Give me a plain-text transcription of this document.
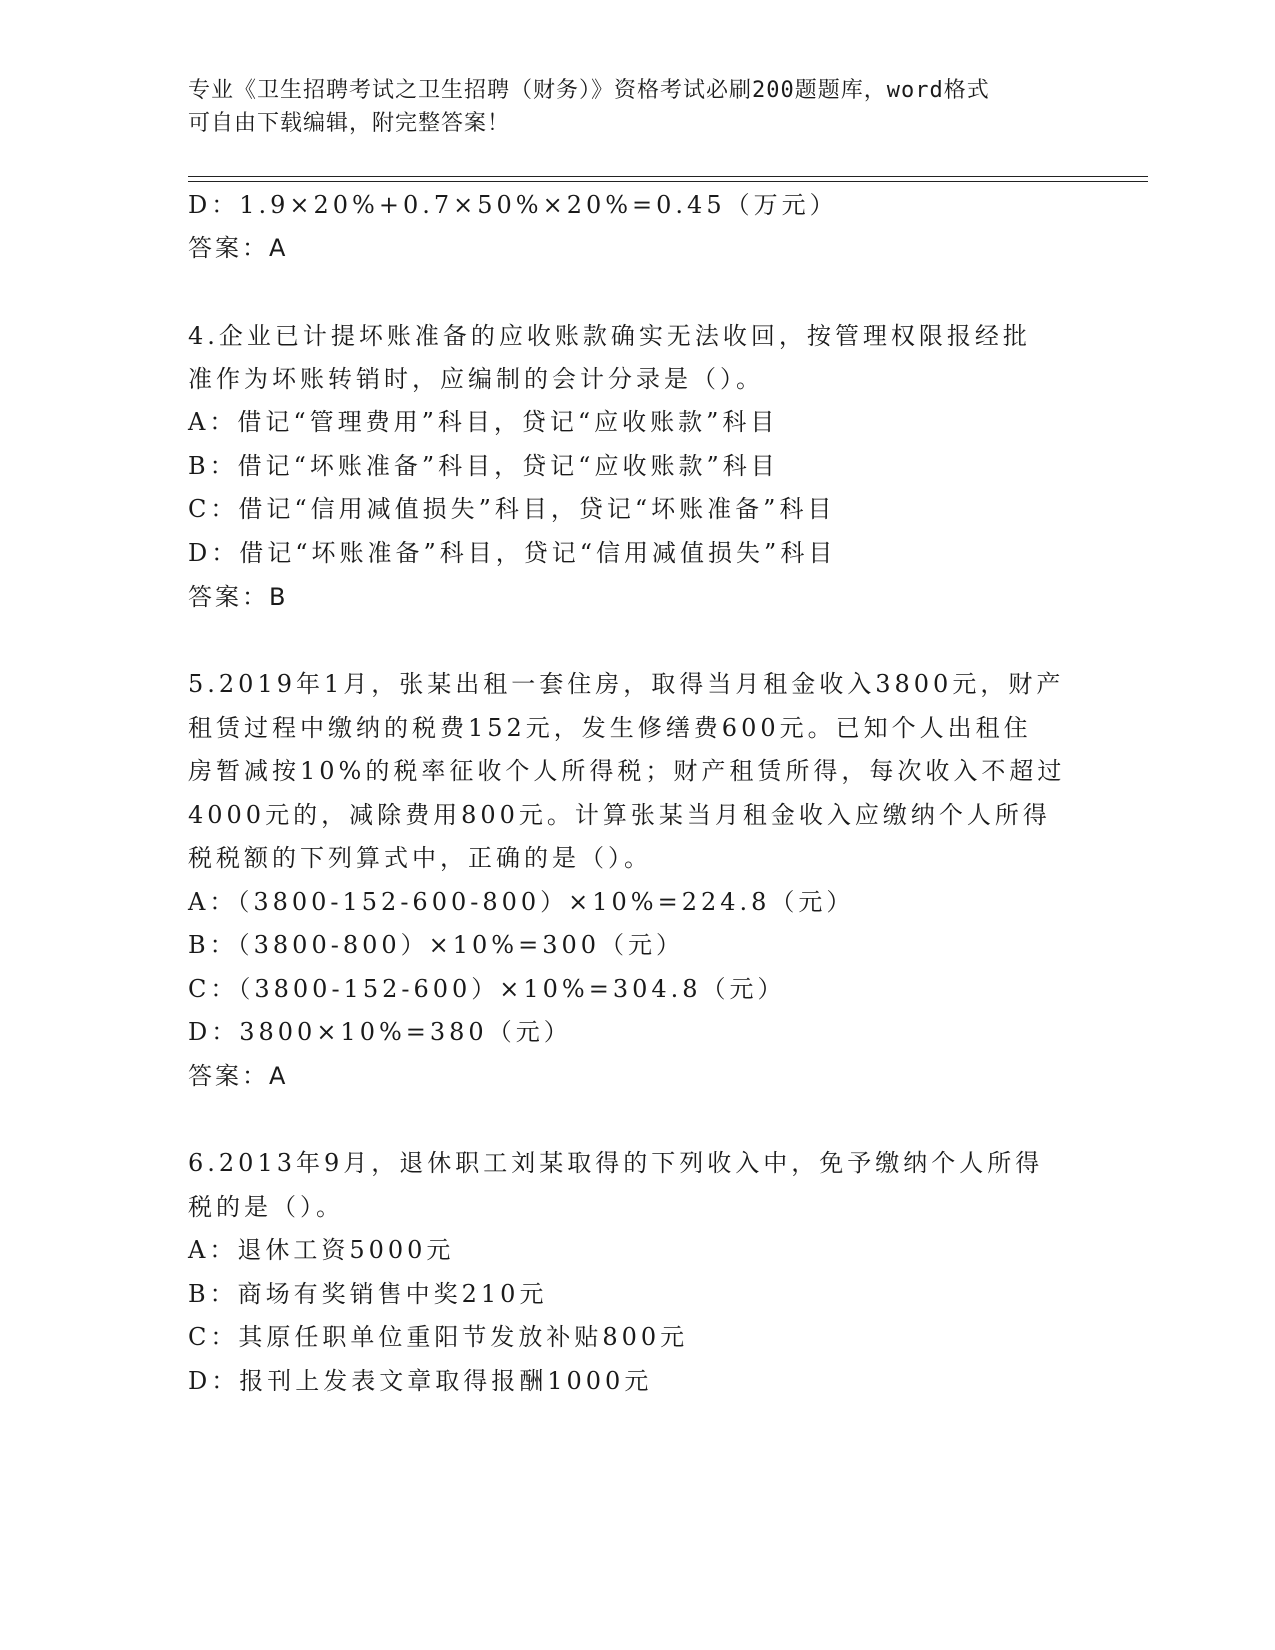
专业《卫生招聘考试之卫生招聘（财务）》资格考试必刷200题题库，word格式
可自由下载编辑，附完整答案！
D：1.9×20%+0.7×50%×20%=0.45（万元）
答案：A
4.企业已计提坏账准备的应收账款确实无法收回，按管理权限报经批
准作为坏账转销时，应编制的会计分录是（）。
A：借记“管理费用”科目，贷记“应收账款”科目
B：借记“坏账准备”科目，贷记“应收账款”科目
C：借记“信用减值损失”科目，贷记“坏账准备”科目
D：借记“坏账准备”科目，贷记“信用减值损失”科目
答案：B
5.2019年1月，张某出租一套住房，取得当月租金收入3800元，财产
租赁过程中缴纳的税费152元，发生修缮费600元。已知个人出租住
房暂减按10%的税率征收个人所得税；财产租赁所得，每次收入不超过
4000元的，减除费用800元。计算张某当月租金收入应缴纳个人所得
税税额的下列算式中，正确的是（）。
A：（3800-152-600-800）×10%=224.8（元）
B：（3800-800）×10%=300（元）
C：（3800-152-600）×10%=304.8（元）
D：3800×10%=380（元）
答案：A
6.2013年9月，退休职工刘某取得的下列收入中，免予缴纳个人所得
税的是（）。
A：退休工资5000元
B：商场有奖销售中奖210元
C：其原任职单位重阳节发放补贴800元
D：报刊上发表文章取得报酬1000元
